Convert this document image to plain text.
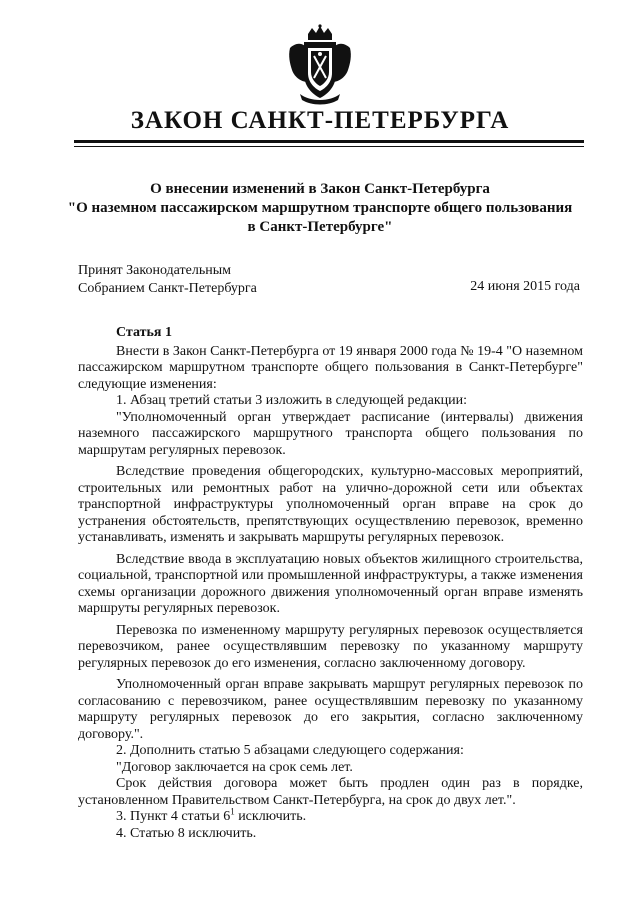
ЗАКОН САНКТ-ПЕТЕРБУРГА
О внесении изменений в Закон Санкт-Петербурга
"О наземном пассажирском маршрутном транспорте общего пользования
в Санкт-Петербурге"
Принят Законодательным
Собранием Санкт-Петербурга	24 июня 2015 года

Статья 1

Внести в Закон Санкт-Петербурга от 19 января 2000 года № 19-4 "О наземном пассажирском маршрутном транспорте общего пользования в Санкт-Петербурге" следующие изменения:

1. Абзац третий статьи 3 изложить в следующей редакции:

"Уполномоченный орган утверждает расписание (интервалы) движения наземного пассажирского маршрутного транспорта общего пользования по маршрутам регулярных перевозок.

Вследствие проведения общегородских, культурно-массовых мероприятий, строительных или ремонтных работ на улично-дорожной сети или объектах транспортной инфраструктуры уполномоченный орган вправе на срок до устранения обстоятельств, препятствующих осуществлению перевозок, временно устанавливать, изменять и закрывать маршруты регулярных перевозок.

Вследствие ввода в эксплуатацию новых объектов жилищного строительства, социальной, транспортной или промышленной инфраструктуры, а также изменения схемы организации дорожного движения уполномоченный орган вправе изменять маршруты регулярных перевозок.

Перевозка по измененному маршруту регулярных перевозок осуществляется перевозчиком, ранее осуществлявшим перевозку по указанному маршруту регулярных перевозок до его изменения, согласно заключенному договору.

Уполномоченный орган вправе закрывать маршрут регулярных перевозок по согласованию с перевозчиком, ранее осуществлявшим перевозку по указанному маршруту регулярных перевозок до его закрытия, согласно заключенному договору.".

2. Дополнить статью 5 абзацами следующего содержания:

"Договор заключается на срок семь лет.

Срок действия договора может быть продлен один раз в порядке, установленном Правительством Санкт-Петербурга, на срок до двух лет.".

3. Пункт 4 статьи $6^1$ исключить.

4. Статью 8 исключить.
